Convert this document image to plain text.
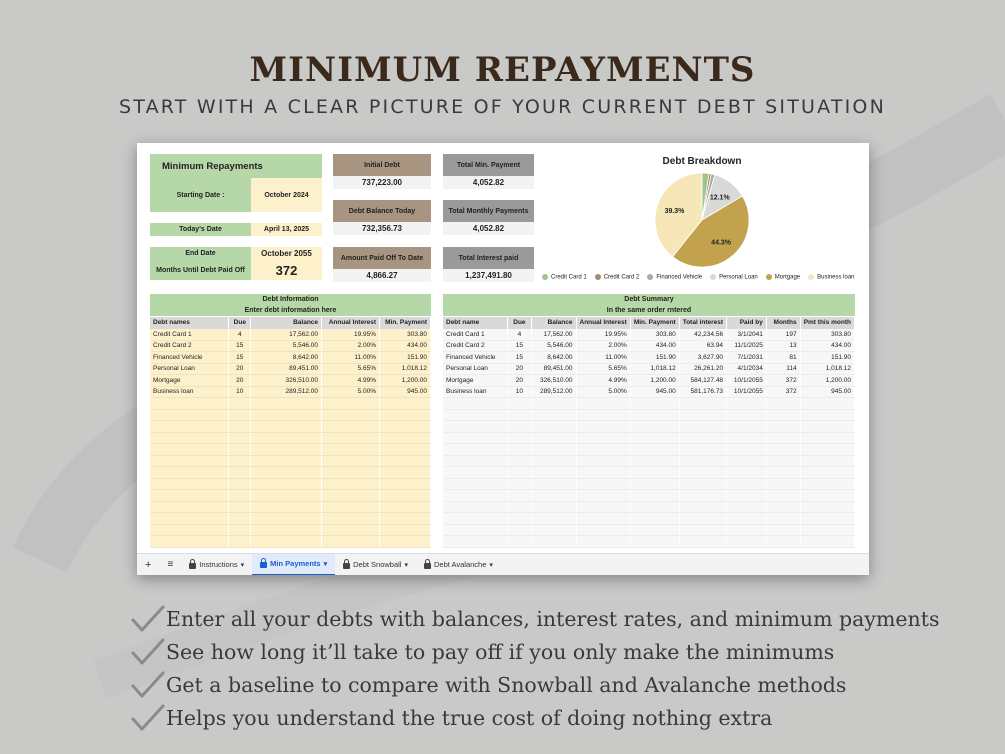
MINIMUM REPAYMENTS
START WITH A CLEAR PICTURE OF YOUR CURRENT DEBT SITUATION
Minimum Repayments
Starting Date :	October 2024
Today's Date	April 13, 2025
End Date	October 2055
Months Until Debt Paid Off	372
Initial Debt
737,223.00
Debt Balance Today
732,356.73
Amount Paid Off To Date
4,866.27
Total Min. Payment
4,052.82
Total Monthly Payments
4,052.82
Total Interest paid
1,237,491.80
Debt Breakdown
12.1%
44.3%
39.3%
Credit Card 1	Credit Card 2	Financed Vehicle	Personal Loan	Mortgage	Business loan
Debt Information
Enter debt information here
Debt names	Due	Balance	Annual Interest	Min. Payment
Credit Card 1	4	17,562.00	19.95%	303.80
Credit Card 2	15	5,546.00	2.00%	434.00
Financed Vehicle	15	8,642.00	11.00%	151.90
Personal Loan	20	89,451.00	5.65%	1,018.12
Mortgage	20	326,510.00	4.99%	1,200.00
Business loan	10	289,512.00	5.00%	945.00

Debt Summary
In the same order rntered
Debt name	Due	Balance	Annual Interest	Min. Payment	Total interest	Paid by	Months	Pmt this month
Credit Card 1	4	17,562.00	19.95%	303.80	42,234.56	3/1/2041	197	303.80
Credit Card 2	15	5,546.00	2.00%	434.00	63.94	11/1/2025	13	434.00
Financed Vehicle	15	8,642.00	11.00%	151.90	3,627.90	7/1/2031	81	151.90
Personal Loan	20	89,451.00	5.65%	1,018.12	26,261.20	4/1/2034	114	1,018.12
Mortgage	20	326,510.00	4.99%	1,200.00	584,127.48	10/1/2055	372	1,200.00
Business loan	10	289,512.00	5.00%	945.00	581,176.73	10/1/2055	372	945.00

+ ≡	Instructions ▾	Min Payments ▾	Debt Snowball ▾	Debt Avalanche ▾
Enter all your debts with balances, interest rates, and minimum payments
See how long it’ll take to pay off if you only make the minimums
Get a baseline to compare with Snowball and Avalanche methods
Helps you understand the true cost of doing nothing extra
